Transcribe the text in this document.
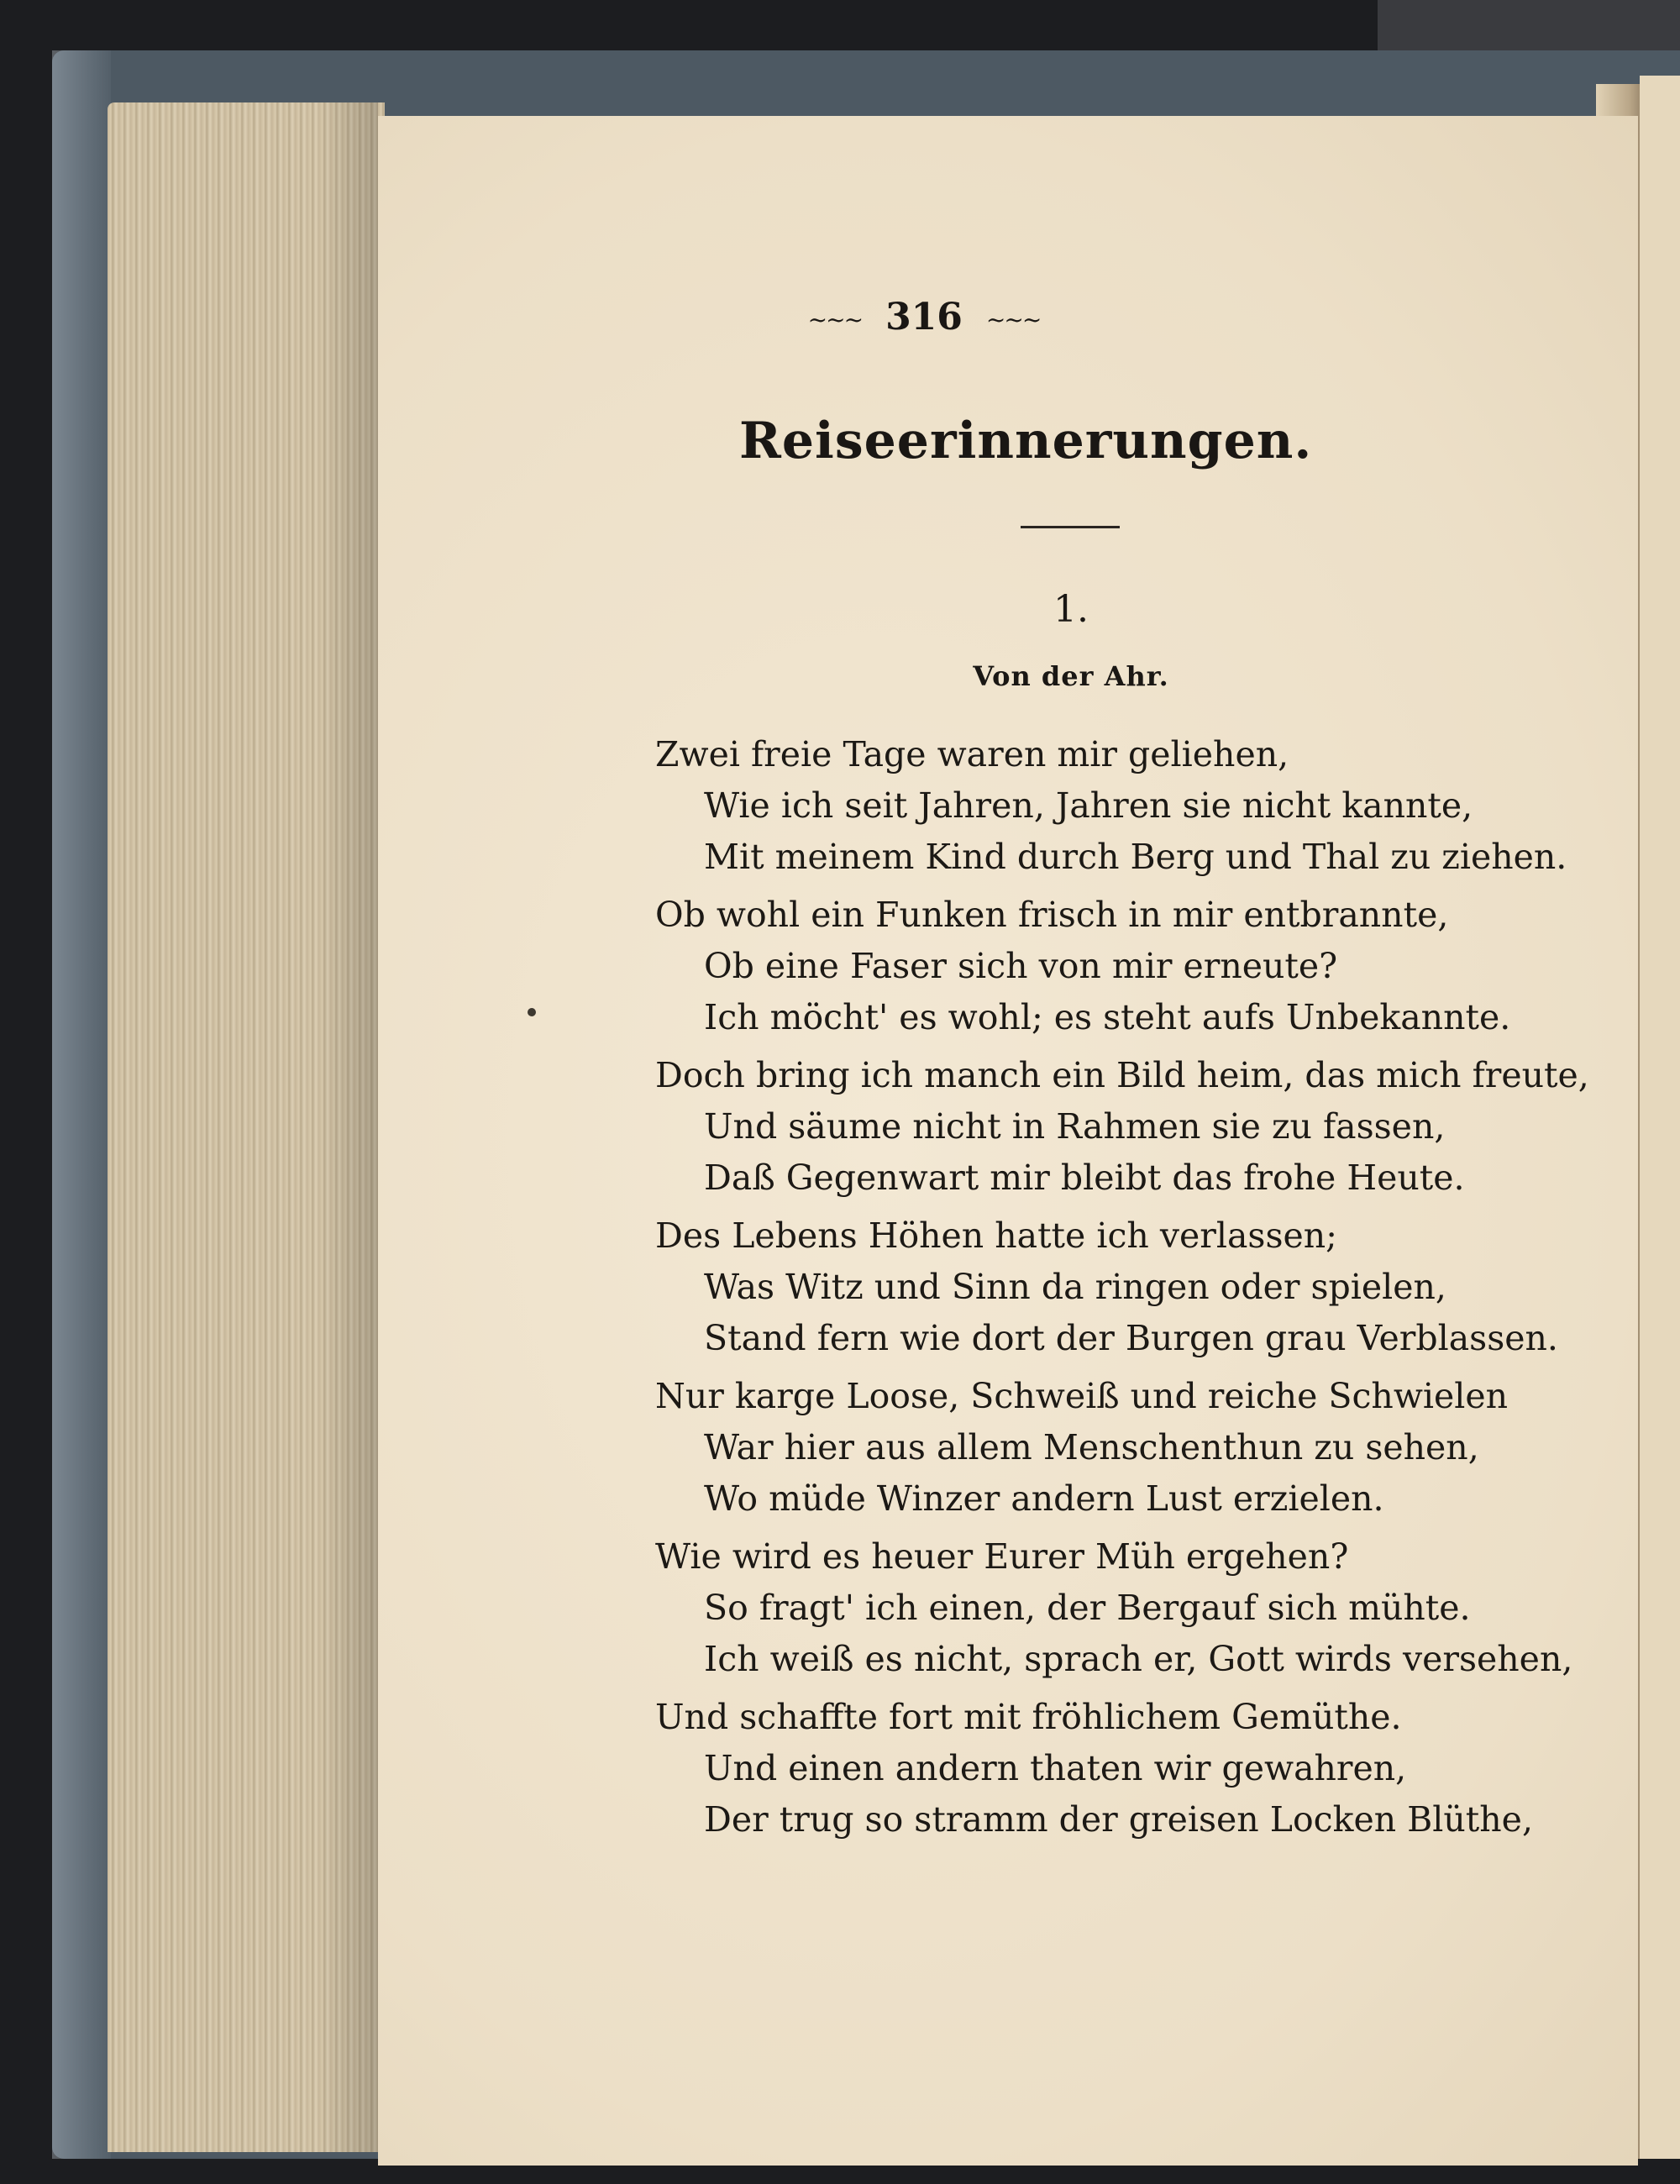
~~~ 316 ~~~
Reiseerinnerungen.
1.
Von der Ahr.
Zwei freie Tage waren mir geliehen,
Wie ich seit Jahren, Jahren sie nicht kannte,
Mit meinem Kind durch Berg und Thal zu ziehen.
Ob wohl ein Funken frisch in mir entbrannte,
Ob eine Faser sich von mir erneute?
Ich möcht' es wohl; es steht aufs Unbekannte.
Doch bring ich manch ein Bild heim, das mich freute,
Und säume nicht in Rahmen sie zu fassen,
Daß Gegenwart mir bleibt das frohe Heute.
Des Lebens Höhen hatte ich verlassen;
Was Witz und Sinn da ringen oder spielen,
Stand fern wie dort der Burgen grau Verblassen.
Nur karge Loose, Schweiß und reiche Schwielen
War hier aus allem Menschenthun zu sehen,
Wo müde Winzer andern Lust erzielen.
Wie wird es heuer Eurer Müh ergehen?
So fragt' ich einen, der Bergauf sich mühte.
Ich weiß es nicht, sprach er, Gott wirds versehen,
Und schaffte fort mit fröhlichem Gemüthe.
Und einen andern thaten wir gewahren,
Der trug so stramm der greisen Locken Blüthe,
